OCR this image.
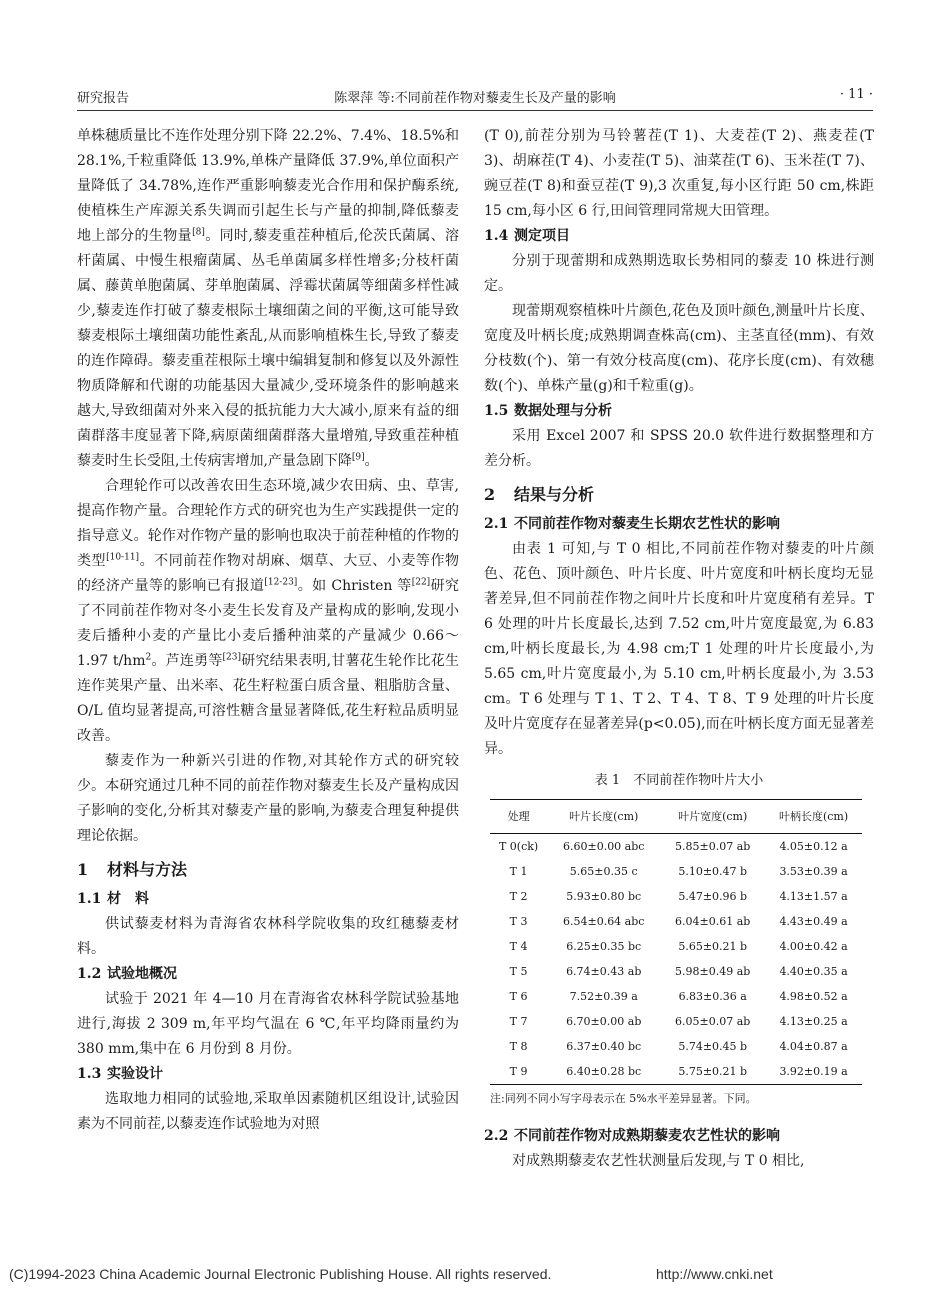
研究报告	陈翠萍 等:不同前茬作物对藜麦生长及产量的影响	· 11 ·

单株穗质量比不连作处理分别下降 22.2%、7.4%、18.5%和 28.1%,千粒重降低 13.9%,单株产量降低 37.9%,单位面积产量降低了 34.78%,连作严重影响藜麦光合作用和保护酶系统,使植株生产库源关系失调而引起生长与产量的抑制,降低藜麦地上部分的生物量[8]。同时,藜麦重茬种植后,伦茨氏菌属、溶杆菌属、中慢生根瘤菌属、丛毛单菌属多样性增多;分枝杆菌属、藤黄单胞菌属、芽单胞菌属、浮霉状菌属等细菌多样性减少,藜麦连作打破了藜麦根际土壤细菌之间的平衡,这可能导致藜麦根际土壤细菌功能性紊乱,从而影响植株生长,导致了藜麦的连作障碍。藜麦重茬根际土壤中编辑复制和修复以及外源性物质降解和代谢的功能基因大量减少,受环境条件的影响越来越大,导致细菌对外来入侵的抵抗能力大大减小,原来有益的细菌群落丰度显著下降,病原菌细菌群落大量增殖,导致重茬种植藜麦时生长受阻,土传病害增加,产量急剧下降[9]。

合理轮作可以改善农田生态环境,减少农田病、虫、草害,提高作物产量。合理轮作方式的研究也为生产实践提供一定的指导意义。轮作对作物产量的影响也取决于前茬种植的作物的类型[10-11]。不同前茬作物对胡麻、烟草、大豆、小麦等作物的经济产量等的影响已有报道[12-23]。如 Christen 等[22]研究了不同前茬作物对冬小麦生长发育及产量构成的影响,发现小麦后播种小麦的产量比小麦后播种油菜的产量减少 0.66～1.97 $t/hm^2$。芦连勇等[23]研究结果表明,甘薯花生轮作比花生连作荚果产量、出米率、花生籽粒蛋白质含量、粗脂肪含量、O/L 值均显著提高,可溶性糖含量显著降低,花生籽粒品质明显改善。

藜麦作为一种新兴引进的作物,对其轮作方式的研究较少。本研究通过几种不同的前茬作物对藜麦生长及产量构成因子影响的变化,分析其对藜麦产量的影响,为藜麦合理复种提供理论依据。

1 材料与方法
1.1 材　料

供试藜麦材料为青海省农林科学院收集的玫红穗藜麦材料。

1.2 试验地概况

试验于 2021 年 4—10 月在青海省农林科学院试验基地进行,海拔 2 309 m,年平均气温在 6 ℃,年平均降雨量约为 380 mm,集中在 6 月份到 8 月份。

1.3 实验设计

选取地力相同的试验地,采取单因素随机区组设计,试验因素为不同前茬,以藜麦连作试验地为对照

(T 0),前茬分别为马铃薯茬(T 1)、大麦茬(T 2)、燕麦茬(T 3)、胡麻茬(T 4)、小麦茬(T 5)、油菜茬(T 6)、玉米茬(T 7)、豌豆茬(T 8)和蚕豆茬(T 9),3 次重复,每小区行距 50 cm,株距 15 cm,每小区 6 行,田间管理同常规大田管理。

1.4 测定项目

分别于现蕾期和成熟期选取长势相同的藜麦 10 株进行测定。

现蕾期观察植株叶片颜色,花色及顶叶颜色,测量叶片长度、宽度及叶柄长度;成熟期调查株高(cm)、主茎直径(mm)、有效分枝数(个)、第一有效分枝高度(cm)、花序长度(cm)、有效穗数(个)、单株产量(g)和千粒重(g)。

1.5 数据处理与分析

采用 Excel 2007 和 SPSS 20.0 软件进行数据整理和方差分析。

2 结果与分析
2.1 不同前茬作物对藜麦生长期农艺性状的影响

由表 1 可知,与 T 0 相比,不同前茬作物对藜麦的叶片颜色、花色、顶叶颜色、叶片长度、叶片宽度和叶柄长度均无显著差异,但不同前茬作物之间叶片长度和叶片宽度稍有差异。T 6 处理的叶片长度最长,达到 7.52 cm,叶片宽度最宽,为 6.83 cm,叶柄长度最长,为 4.98 cm;T 1 处理的叶片长度最小,为 5.65 cm,叶片宽度最小,为 5.10 cm,叶柄长度最小,为 3.53 cm。T 6 处理与 T 1、T 2、T 4、T 8、T 9 处理的叶片长度及叶片宽度存在显著差异(p<0.05),而在叶柄长度方面无显著差异。

表 1　不同前茬作物叶片大小
处理	叶片长度(cm)	叶片宽度(cm)	叶柄长度(cm)
T 0(ck)	6.60±0.00 abc	5.85±0.07 ab	4.05±0.12 a
T 1	5.65±0.35 c	5.10±0.47 b	3.53±0.39 a
T 2	5.93±0.80 bc	5.47±0.96 b	4.13±1.57 a
T 3	6.54±0.64 abc	6.04±0.61 ab	4.43±0.49 a
T 4	6.25±0.35 bc	5.65±0.21 b	4.00±0.42 a
T 5	6.74±0.43 ab	5.98±0.49 ab	4.40±0.35 a
T 6	7.52±0.39 a	6.83±0.36 a	4.98±0.52 a
T 7	6.70±0.00 ab	6.05±0.07 ab	4.13±0.25 a
T 8	6.37±0.40 bc	5.74±0.45 b	4.04±0.87 a
T 9	6.40±0.28 bc	5.75±0.21 b	3.92±0.19 a
注:同列不同小写字母表示在 5%水平差异显著。下同。
2.2 不同前茬作物对成熟期藜麦农艺性状的影响

对成熟期藜麦农艺性状测量后发现,与 T 0 相比,

(C)1994-2023 China Academic Journal Electronic Publishing House. All rights reserved.	http://www.cnki.net
